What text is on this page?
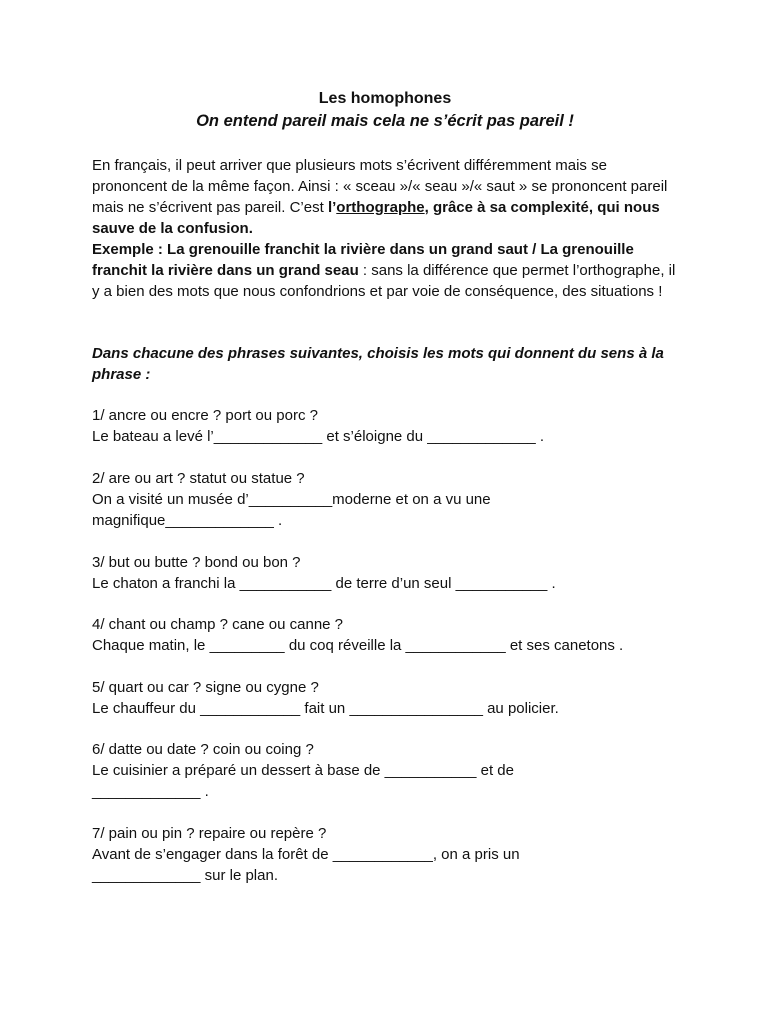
Les homophones
On entend pareil mais cela ne s’écrit pas pareil !
En français, il peut arriver que plusieurs mots s’écrivent différemment mais se prononcent de la même façon. Ainsi : « sceau »/« seau »/« saut » se prononcent pareil mais ne s’écrivent pas pareil. C’est l’orthographe, grâce à sa complexité, qui nous sauve de la confusion.
Exemple : La grenouille franchit la rivière dans un grand saut / La grenouille franchit la rivière dans un grand seau : sans la différence que permet l’orthographe, il y a bien des mots que nous confondrions et par voie de conséquence, des situations !
Dans chacune des phrases suivantes, choisis les mots qui donnent du sens à la phrase :
1/ ancre ou encre ? port ou porc ?
Le bateau a levé l’_____________ et s’éloigne du _____________ .
2/ are ou art ? statut ou statue ?
On a visité un musée d’__________moderne et on a vu une magnifique_____________ .
3/ but ou butte ? bond ou bon ?
Le chaton a franchi la ___________ de terre d’un seul ___________ .
4/ chant ou champ ? cane ou canne ?
Chaque matin, le _________ du coq réveille la ____________ et ses canetons .
5/ quart ou car ? signe ou cygne ?
Le chauffeur du ____________ fait un ________________ au policier.
6/ datte ou date ? coin ou coing ?
Le cuisinier a préparé un dessert à base de ___________ et de _____________ .
7/ pain ou pin ? repaire ou repère ?
Avant de s’engager dans la forêt de ____________, on a pris un _____________ sur le plan.
